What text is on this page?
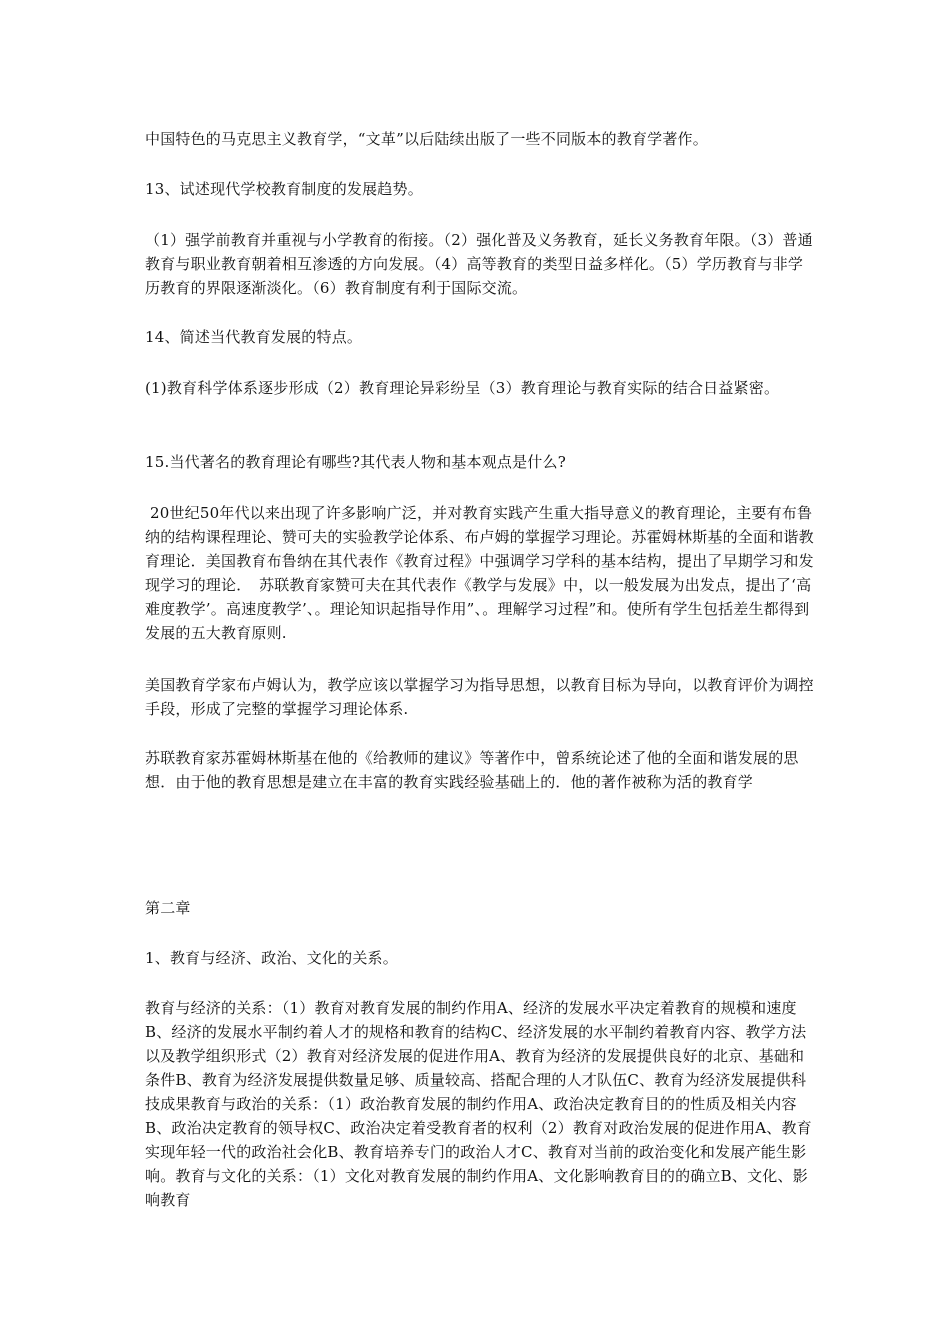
中国特色的马克思主义教育学，“文革”以后陆续出版了一些不同版本的教育学著作。

13、试述现代学校教育制度的发展趋势。

（1）强学前教育并重视与小学教育的衔接。（2）强化普及义务教育，延长义务教育年限。（3）普通教育与职业教育朝着相互渗透的方向发展。（4）高等教育的类型日益多样化。（5）学历教育与非学历教育的界限逐渐淡化。（6）教育制度有利于国际交流。

14、简述当代教育发展的特点。

(1)教育科学体系逐步形成（2）教育理论异彩纷呈（3）教育理论与教育实际的结合日益紧密。

15.当代著名的教育理论有哪些?其代表人物和基本观点是什么?

20世纪50年代以来出现了许多影响广泛，并对教育实践产生重大指导意义的教育理论，主要有布鲁纳的结构课程理论、赞可夫的实验教学论体系、布卢姆的掌握学习理论。苏霍姆林斯基的全面和谐教育理论．美国教育布鲁纳在其代表作《教育过程》中强调学习学科的基本结构，提出了早期学习和发现学习的理论．　苏联教育家赞可夫在其代表作《教学与发展》中，以一般发展为出发点，提出了‘高难度教学’。高速度教学’、。理论知识起指导作用”、。理解学习过程”和。使所有学生包括差生都得到发展的五大教育原则.

美国教育学家布卢姆认为，教学应该以掌握学习为指导思想，以教育目标为导向，以教育评价为调控手段，形成了完整的掌握学习理论体系.

苏联教育家苏霍姆林斯基在他的《给教师的建议》等著作中，曾系统论述了他的全面和谐发展的思想．由于他的教育思想是建立在丰富的教育实践经验基础上的．他的著作被称为活的教育学

第二章

1、教育与经济、政治、文化的关系。

教育与经济的关系：（1）教育对教育发展的制约作用A、经济的发展水平决定着教育的规模和速度B、经济的发展水平制约着人才的规格和教育的结构C、经济发展的水平制约着教育内容、教学方法以及教学组织形式（2）教育对经济发展的促进作用A、教育为经济的发展提供良好的北京、基础和条件B、教育为经济发展提供数量足够、质量较高、搭配合理的人才队伍C、教育为经济发展提供科技成果教育与政治的关系：（1）政治教育发展的制约作用A、政治决定教育目的的性质及相关内容B、政治决定教育的领导权C、政治决定着受教育者的权利（2）教育对政治发展的促进作用A、教育实现年轻一代的政治社会化B、教育培养专门的政治人才C、教育对当前的政治变化和发展产能生影响。教育与文化的关系：（1）文化对教育发展的制约作用A、文化影响教育目的的确立B、文化、影响教育
